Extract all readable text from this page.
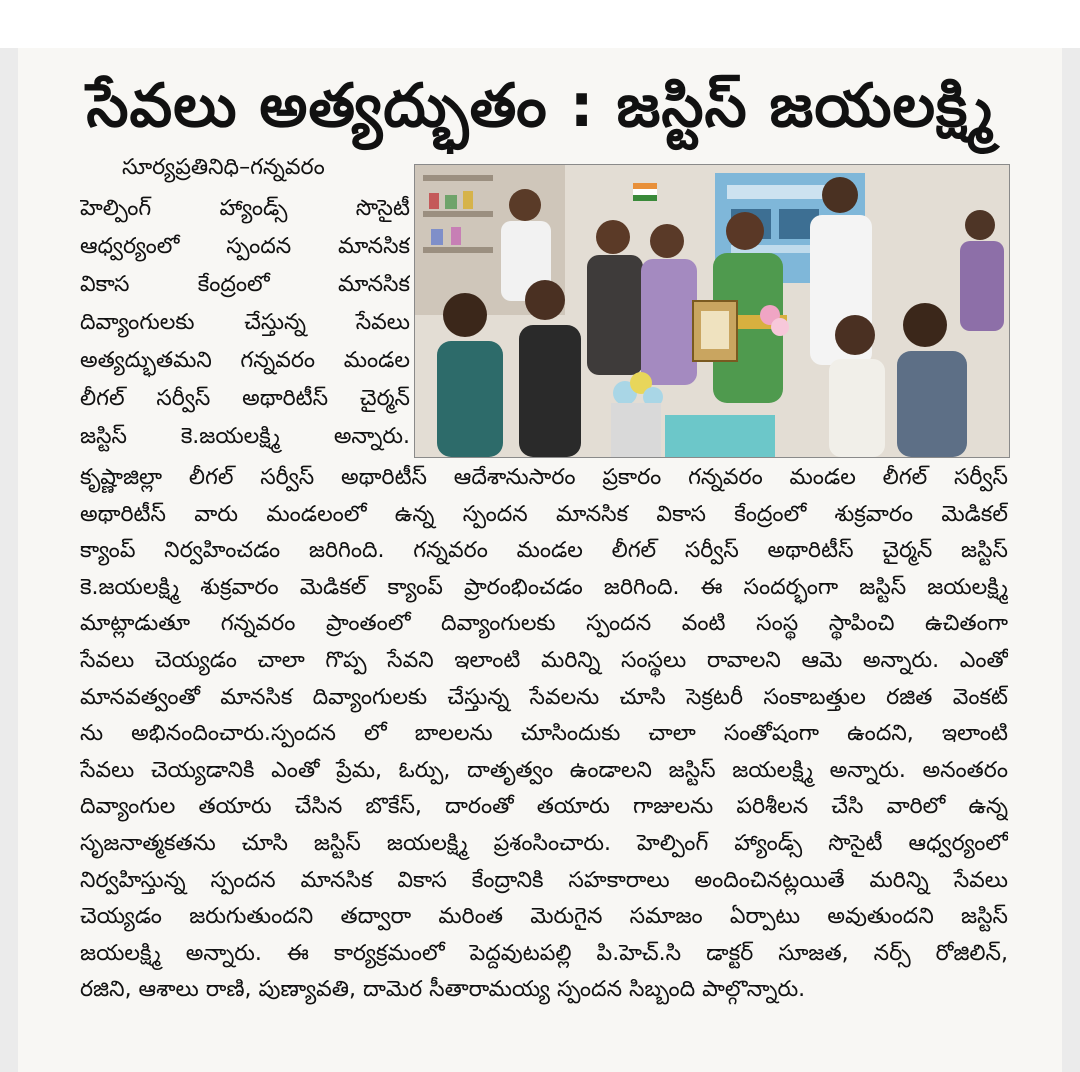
సేవలు అత్యద్భుతం : జస్టిస్ జయలక్ష్మి
సూర్యప్రతినిధి–గన్నవరం
హెల్పింగ్ హ్యాండ్స్ సొసైటీ
ఆధ్వర్యంలో స్పందన మానసిక
వికాస కేంద్రంలో మానసిక
దివ్యాంగులకు చేస్తున్న సేవలు
అత్యద్భుతమని గన్నవరం మండల
లీగల్ సర్వీస్ అథారిటీస్ చైర్మన్
జస్టిస్ కె.జయలక్ష్మి అన్నారు.
కృష్ణాజిల్లా లీగల్ సర్వీస్ అథారిటీస్ ఆదేశానుసారం ప్రకారం గన్నవరం మండల లీగల్ సర్వీస్
అథారిటీస్ వారు మండలంలో ఉన్న స్పందన మానసిక వికాస కేంద్రంలో శుక్రవారం మెడికల్
క్యాంప్ నిర్వహించడం జరిగింది. గన్నవరం మండల లీగల్ సర్వీస్ అథారిటీస్ చైర్మన్ జస్టిస్
కె.జయలక్ష్మి శుక్రవారం మెడికల్ క్యాంప్ ప్రారంభించడం జరిగింది. ఈ సందర్భంగా జస్టిస్ జయలక్ష్మి
మాట్లాడుతూ గన్నవరం ప్రాంతంలో దివ్యాంగులకు స్పందన వంటి సంస్థ స్థాపించి ఉచితంగా
సేవలు చెయ్యడం చాలా గొప్ప సేవని ఇలాంటి మరిన్ని సంస్థలు రావాలని ఆమె అన్నారు. ఎంతో
మానవత్వంతో మానసిక దివ్యాంగులకు చేస్తున్న సేవలను చూసి సెక్రటరీ సంకాబత్తుల రజిత వెంకట్
ను అభినందించారు.స్పందన లో బాలలను చూసిందుకు చాలా సంతోషంగా ఉందని, ఇలాంటి
సేవలు చెయ్యడానికి ఎంతో ప్రేమ, ఓర్పు, దాతృత్వం ఉండాలని జస్టిస్ జయలక్ష్మి అన్నారు. అనంతరం
దివ్యాంగుల తయారు చేసిన బొకేస్, దారంతో తయారు గాజులను పరిశీలన చేసి వారిలో ఉన్న
సృజనాత్మకతను చూసి జస్టిస్ జయలక్ష్మి ప్రశంసించారు. హెల్పింగ్ హ్యాండ్స్ సొసైటీ ఆధ్వర్యంలో
నిర్వహిస్తున్న స్పందన మానసిక వికాస కేంద్రానికి సహకారాలు అందించినట్లయితే మరిన్ని సేవలు
చెయ్యడం జరుగుతుందని తద్వారా మరింత మెరుగైన సమాజం ఏర్పాటు అవుతుందని జస్టిస్
జయలక్ష్మి అన్నారు. ఈ కార్యక్రమంలో పెద్దవుటపల్లి పి.హెచ్.సి డాక్టర్ సూజత, నర్స్ రోజిలిన్,
రజిని, ఆశాలు రాణి, పుణ్యావతి, దామెర సీతారామయ్య స్పందన సిబ్బంది పాల్గొన్నారు.
